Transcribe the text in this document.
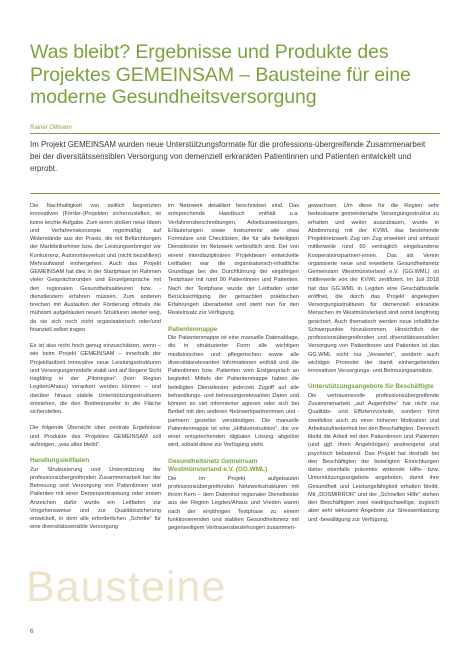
Was bleibt? Ergebnisse und Produkte des Projektes GEMEINSAM – Bausteine für eine moderne Gesundheitsversorgung
Rainer Ollmann

Im Projekt GEMEINSAM wurden neue Unterstützungsformate für die professions-übergreifende Zusammenarbeit bei der diversitätssensiblen Versorgung von demenziell erkrankten Patientinnen und Patienten entwickelt und erprobt.

Die Nachhaltigkeit von zeitlich begrenzten innovativen (Förder-)Projekten sicherzustellen, ist keine leichte Aufgabe. Zum einen stoßen neue Ideen und Verfahrenskonzepte regelmäßig auf Widerstände aus der Praxis, die mit Befürchtungen der Marktteilnehmer bzw. der Leistungserbringer vor Konkurrenz, Autonomieverlust und (nicht bezahltem) Mehraufwand einhergehen. Auch das Projekt GEMEINSAM hat dies in der Startphase im Rahmen vieler Gesprächsrunden und Einzelgespräche mit den regionalen Gesundheitsakteuren bzw. -dienstleistern erfahren müssen. Zum anderen brechen mit Auslaufen der Förderung oftmals die mühsam aufgebauten neuen Strukturen wieder weg, da sie sich noch nicht organisatorisch oder/und finanziell selbst tragen.

Es ist also nicht hoch genug einzuschätzen, wenn – wie beim Projekt GEMEINSAM – innerhalb der Projektlaufzeit innovative neue Leistungsstrukturen und Versorgungsmodelle stabil und auf längere Sicht tragfähig in der „Pilotregion“ (hier: Region Legden/Ahaus) verankert werden können – und darüber hinaus stabile Unterstützungsstrukturen entstehen, die den Breitentransfer in die Fläche sicherstellen.

Die folgende Übersicht über zentrale Ergebnisse und Produkte des Projektes GEMEINSAM soll aufzeigen, „was alles bleibt“.

Handlungsleitfaden

Zur Strukturierung und Unterstützung der professionsübergreifenden Zusammenarbeit bei der Betreuung und Versorgung von Patientinnen und Patienten mit einer Demenzerkrankung oder ersten Anzeichen dafür wurde ein Leitfaden zur Vorgehensweise und zur Qualitätssicherung entwickelt, in dem alle erforderlichen „Schritte“ für eine diversitätssensible Versorgung

im Netzwerk detailliert beschrieben sind. Das entsprechende Handbuch enthält u.a. Verfahrensbeschreibungen, Arbeitsanweisungen, Erläuterungen sowie Instrumente wie etwa Formulare und Checklisten, die für alle beteiligten Dienstleister im Netzwerk verbindlich sind. Der von einem interdisziplinären Projektteam entwickelte Leitfaden war die organisatorisch-inhaltliche Grundlage bei der Durchführung der einjährigen Testphase mit rund 90 Patientinnen und Patienten. Nach der Testphase wurde der Leitfaden unter Berücksichtigung der gemachten praktischen Erfahrungen überarbeitet und steht nun für den Realeinsatz zur Verfügung.

Patientenmappe

Die Patientenmappe ist eine manuelle Datenablage, die in strukturierter Form alle wichtigen medizinischen und pflegerischen sowie alle diversitätsrelevanten Informationen enthält und die Patientinnen bzw. Patienten vom Erstgespräch an begleitet. Mittels der Patientenmappe haben die beteiligten Dienstleister jederzeit Zugriff auf alle behandlungs- und betreuungsrelevanten Daten und können so viel informierter agieren oder sich bei Bedarf mit den anderen Netzwerkpartnerinnen und -partnern gezielter verständigen. Die manuelle Patientenmappe ist eine „Hilfskonstruktion“, die vor einer entsprechenden digitalen Lösung abgelöst wird, sobald diese zur Verfügung steht.

Gesundheitsnetz Gemeinsam Westmünsterland e.V. (GG.WML)

Die im Projekt aufgebauten professionsübergreifenden Netzwerkstrukturen mit ihrem Kern – dem Dateninst regionaler Dienstleister aus der Region Legden/Ahaus und Vreden waren nach der einjährigen Testphase zu einem funktionierenden und stabilen Gesundheitsnetz mit gegenseitigem Vertrauensbeziehungen zusammen-

gewachsen. Um diese für die Region sehr bedeutsame gemeindenahe Versorgungsstruktur zu erhalten und weiter auszubauen, wurde in Abstimmung mit der KVWL das bestehende Projektnetzwerk Zug um Zug erweitert und umfasst mittlerweile rund 60 vertraglich eingebundene Kooperationspartner/-innen. Das als Verein organisierte neue und erweiterte Gesundheitsnetz Gemeinsam Westmünsterland e.V. (GG.WML) ist mittlerweile von der KVWL zertifiziert. Im Juli 2018 hat das GG.WML in Legden eine Geschäftsstelle eröffnet, die durch das Projekt angelegten Versorgungsstrukturen für demenziell erkrankte Menschen im Westmünsterland sind somit langfristig gesichert. Auch thematisch werden neue inhaltliche Schwerpunkte hinzukommen. Hinsichtlich der professionsübergreifenden und diversitätssensiblen Versorgung von Patientinnen und Patienten ist das GG.WML nicht nur „Verwerter“, sondern auch wichtiger Promoter der damit einhergehenden innovativen Versorgungs- und Betreuungsansätze.

Unterstützungsangebote für Beschäftigte

Die vertrauensvolle professionsübergreifende Zusammenarbeit „auf Augenhöhe“ hat nicht nur Qualitäts- und Effizienzvorteile, sondern führt zweifellos auch zu einer höheren Motivation und Arbeitszufriedenheit bei den Beschäftigten. Dennoch bleibt die Arbeit mit den Patientinnen und Patienten (und ggf. ihren Angehörigen) anstrengend und psychisch belastend. Das Projekt hat deshalb bei den Beschäftigten der beteiligten Einrichtungen daher ebenfalls präventiv wirkende Hilfe- bzw. Unterstützungsangebote angeboten, damit ihre Gesundheit und Leistungsfähigkeit erhalten bleibt. Mit „DOSMIRROR“ und der „Schnellen Hilfe“ stehen den Beschäftigten zwei niedrigschwellige, zugleich aber sehr wirksame Angebote zur Stressentlastung und -bewältigung zur Verfügung,

Bausteine
6
